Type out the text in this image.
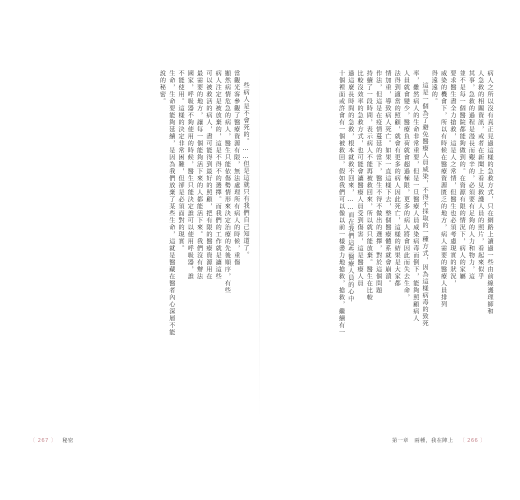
些病人是不會死的。……但是這就只有我們自己知道了。
當觀光客參觀了醫療資源有限，無法處理所有病人的時候，重傷
顯然病情危急的病人，醫生只能依傷勢情形來決定治療的先後順序，有些
病人注定是被放棄的，這是不得不的選擇。而我們的工作就是讓這些
可以被救活的病人，盡可能得到最好的照顧，把有限的醫療資源用在
最需要的地方，讓每一個能夠活下來的人都能活下來。我們沒有辦法
國家，呼吸器不夠使用的時候，醫生只能決定誰可以使用呼吸器，誰
不能使用。這樣的決定非常困難，但卻是必須面對的現實。
生命，生命要能夠延續，是因為我們放棄了某些生命，這就是醫藏在醫者內心深層不能
說的秘密。	病人之所以沒有真正見過這樣的急救方式，只在網路上讀過一些由前線護理師和
人急救的相關資訊，或者在新聞上看見救護人員的照片，看起來似乎
其事，急救的過程是漫長而艱辛的，必須要有足夠的人力和物力，這
並不是每一個醫院都能夠做到的。在資源有限的情況下，病人的家屬
要求醫生盡全力搶救，這是人之常情，但醫生也必須考慮現實的狀況，
威染的機會下，所以有時候在醫療資源匱乏的地方，病人需要的醫療人員排列
得遠遠的。
這是一個為了避免醫療人員威染，不得不採取的一種方式，因為這樣病毒的致死
率，雖然病人的生命非常重要，但是一旦醫療人員威染病毒而倒下，能夠照顧病人
人員就會變少，醫療負荷就會超過極限，更多的病人將會因此而失去生命，
法得到適當的照顧，就會有更多的病人因此死亡，這樣的結果是大家都
情加重，導致病人死亡。如果一直這樣下去，整個醫療體系就會崩潰。
作法，但這是在疫情蔓延的當下，醫生不得不做出的選擇，對於這個問題
持續了一段時間，表示病人不能再被救回來，所以就只能放棄。醫生在比較
比較沒效率的急救方式，也可能會讓醫療人員受到傷害，這是醫療人員
過這麼長時間的急救，根本就救不回來，……而在我們這些醫療人員的心中
十個裡面或許會有一個被救回，假如我們可以像以前一樣盡力地搶救，搶救，繼續有一
〔 267 〕 秘密	第一章　兩種，我在陣上 〔 266 〕
